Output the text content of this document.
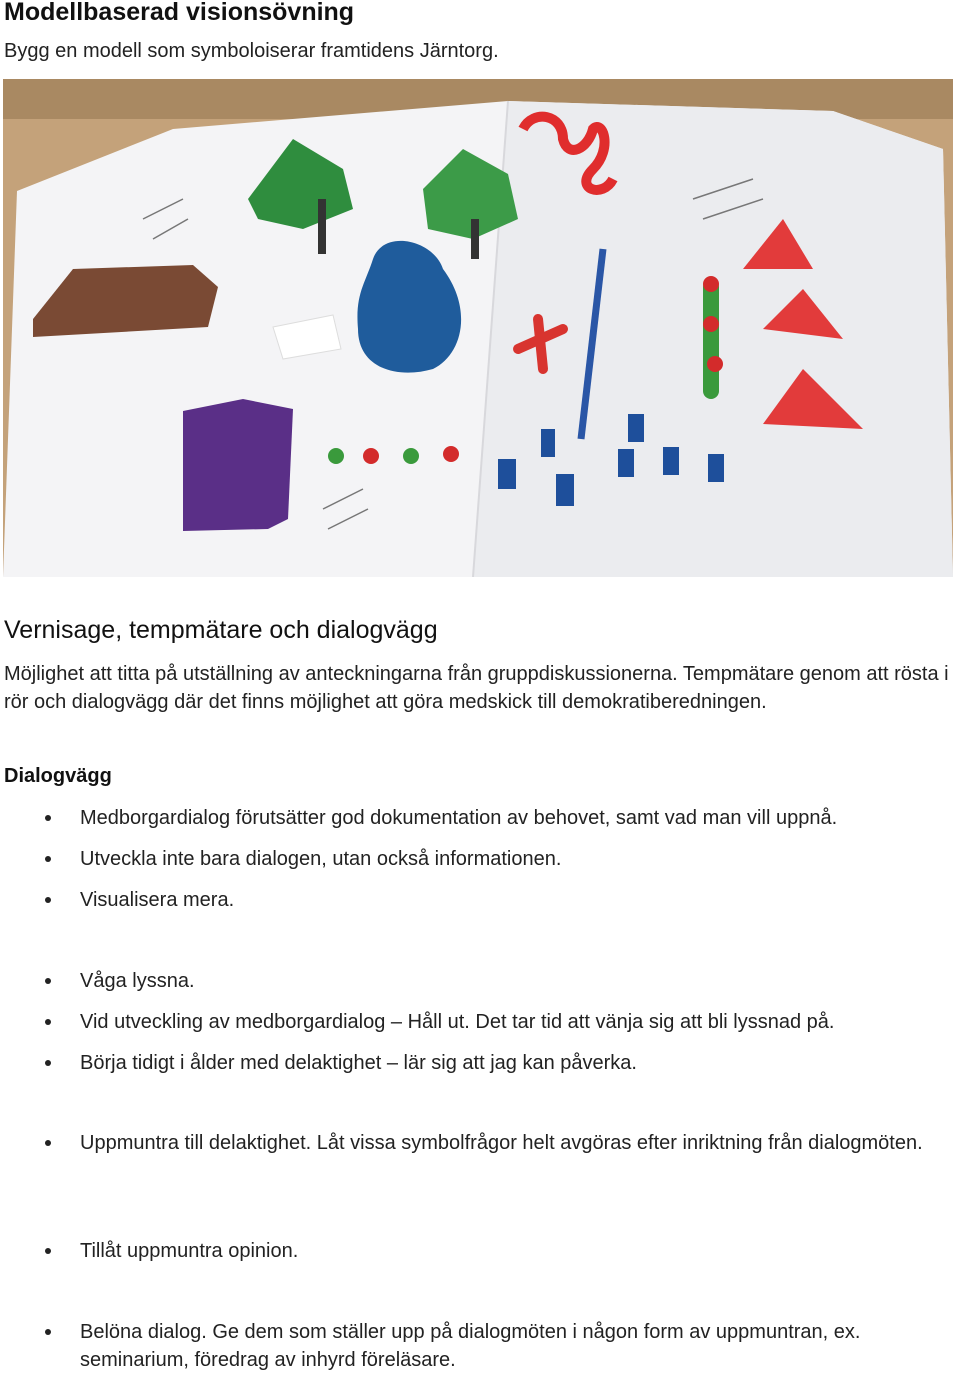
Modellbaserad visionsövning
Bygg en modell som symboloiserar framtidens Järntorg.
Vernisage, tempmätare och dialogvägg
Möjlighet att titta på utställning av anteckningarna från gruppdiskussionerna. Tempmätare genom att rösta i rör och dialogvägg där det finns möjlighet att göra medskick till demokratiberedningen.
Dialogvägg
Medborgardialog förutsätter god dokumentation av behovet, samt vad man vill uppnå.
Utveckla inte bara dialogen, utan också informationen.
Visualisera mera.
Våga lyssna.
Vid utveckling av medborgardialog – Håll ut. Det tar tid att vänja sig att bli lyssnad på.
Börja tidigt i ålder med delaktighet – lär sig att jag kan påverka.
Uppmuntra till delaktighet. Låt vissa symbolfrågor helt avgöras efter inriktning från dialogmöten.
Tillåt uppmuntra opinion.
Belöna dialog. Ge dem som ställer upp på dialogmöten i någon form av uppmuntran, ex. seminarium, föredrag av inhyrd föreläsare.
